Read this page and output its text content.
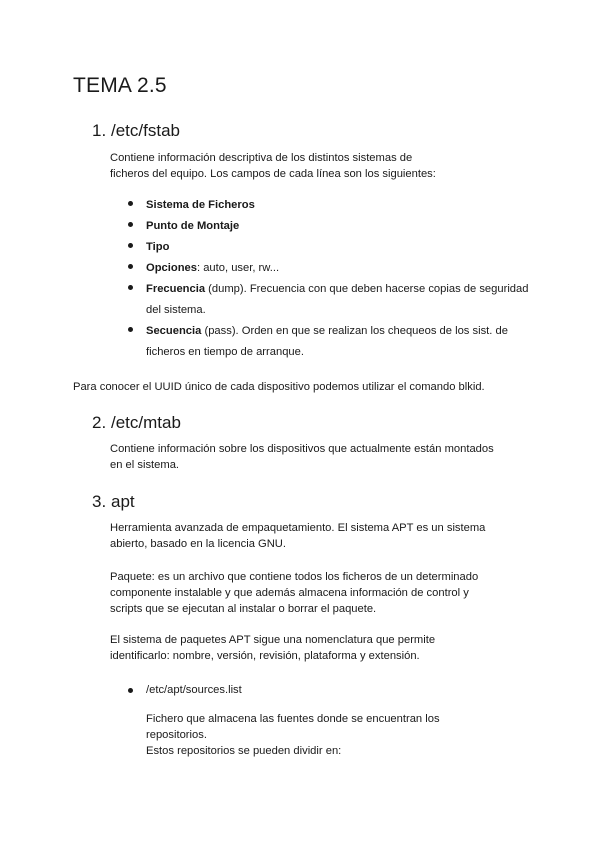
TEMA 2.5
1. /etc/fstab
Contiene información descriptiva de los distintos sistemas de
ficheros del equipo. Los campos de cada línea son los siguientes:
Sistema de Ficheros
Punto de Montaje
Tipo
Opciones: auto, user, rw...
Frecuencia (dump). Frecuencia con que deben hacerse copias de seguridad del sistema.
Secuencia (pass). Orden en que se realizan los chequeos de los sist. de ficheros en tiempo de arranque.
Para conocer el UUID único de cada dispositivo podemos utilizar el comando blkid.
2. /etc/mtab
Contiene información sobre los dispositivos que actualmente están montados
en el sistema.
3. apt
Herramienta avanzada de empaquetamiento. El sistema APT es un sistema
abierto, basado en la licencia GNU.
Paquete: es un archivo que contiene todos los ficheros de un determinado
componente instalable y que además almacena información de control y
scripts que se ejecutan al instalar o borrar el paquete.
El sistema de paquetes APT sigue una nomenclatura que permite
identificarlo: nombre, versión, revisión, plataforma y extensión.
/etc/apt/sources.list
Fichero que almacena las fuentes donde se encuentran los
repositorios.
Estos repositorios se pueden dividir en:
